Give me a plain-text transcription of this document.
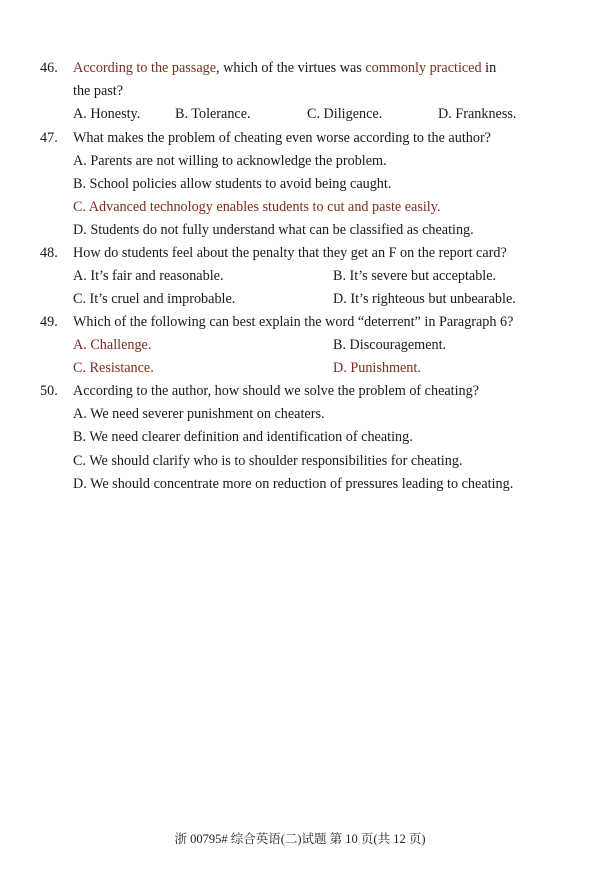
46. According to the passage, which of the virtues was commonly practiced in
the past?
A. Honesty. B. Tolerance.	C. Diligence.	D. Frankness.
47. What makes the problem of cheating even worse according to the author?
A. Parents are not willing to acknowledge the problem.
B. School policies allow students to avoid being caught.
C. Advanced technology enables students to cut and paste easily.
D. Students do not fully understand what can be classified as cheating.
48. How do students feel about the penalty that they get an F on the report card?
A. It’s fair and reasonable.	B. It’s severe but acceptable.
C. It’s cruel and improbable.	D. It’s righteous but unbearable.
49. Which of the following can best explain the word “deterrent” in Paragraph 6?
A. Challenge.	B. Discouragement.
C. Resistance.	D. Punishment.
50. According to the author, how should we solve the problem of cheating?
A. We need severer punishment on cheaters.
B. We need clearer definition and identification of cheating.
C. We should clarify who is to shoulder responsibilities for cheating.
D. We should concentrate more on reduction of pressures leading to cheating.
浙 00795# 综合英语(二)试题 第 10 页(共 12 页)
